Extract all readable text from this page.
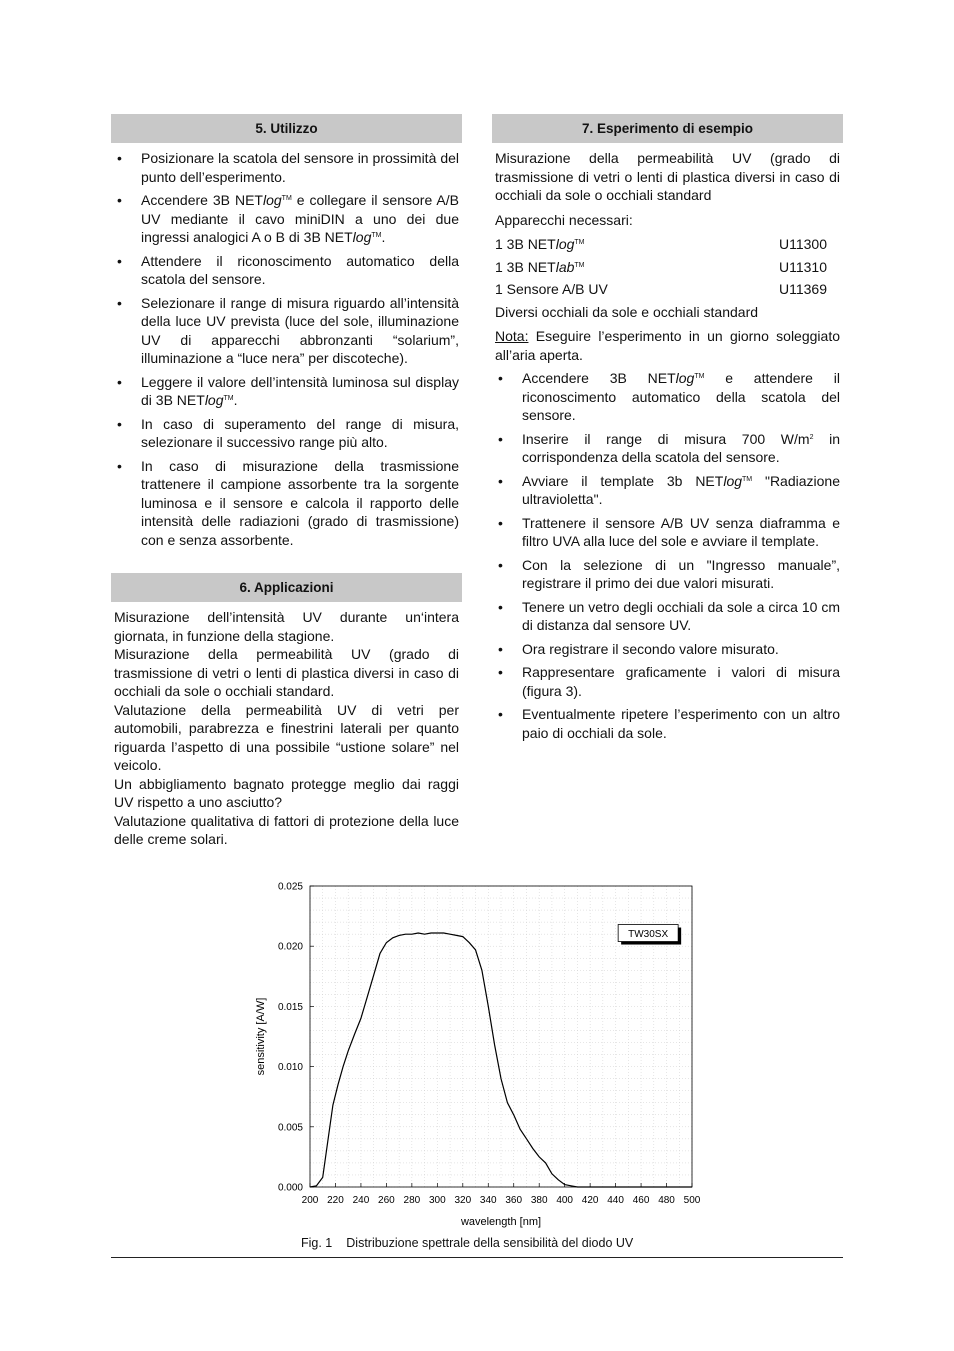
5. Utilizzo
• Posizionare la scatola del sensore in prossimità del punto dell’esperimento.
• Accendere 3B NETlog™ e collegare il sensore A/B UV mediante il cavo miniDIN a uno dei due ingressi analogici A o B di 3B NETlog™.
• Attendere il riconoscimento automatico della scatola del sensore.
• Selezionare il range di misura riguardo all’intensità della luce UV prevista (luce del sole, illuminazione UV di apparecchi abbronzanti “solarium”, illuminazione a “luce nera” per discoteche).
• Leggere il valore dell’intensità luminosa sul display di 3B NETlog™.
• In caso di superamento del range di misura, selezionare il successivo range più alto.
• In caso di misurazione della trasmissione trattenere il campione assorbente tra la sorgente luminosa e il sensore e calcola il rapporto delle intensità delle radiazioni (grado di trasmissione) con e senza assorbente.
6. Applicazioni

Misurazione dell’intensità UV durante un‘intera giornata, in funzione della stagione.

Misurazione della permeabilità UV (grado di trasmissione di vetri o lenti di plastica diversi in caso di occhiali da sole o occhiali standard.

Valutazione della permeabilità UV di vetri per automobili, parabrezza e finestrini laterali per quanto riguarda l’aspetto di una possibile “ustione solare” nel veicolo.

Un abbigliamento bagnato protegge meglio dai raggi UV rispetto a uno asciutto?

Valutazione qualitativa di fattori di protezione della luce delle creme solari.

7. Esperimento di esempio

Misurazione della permeabilità UV (grado di trasmissione di vetri o lenti di plastica diversi in caso di occhiali da sole o occhiali standard

Apparecchi necessari:

1 3B NETlog™	U11300
1 3B NETlab™	U11310
1 Sensore A/B UV	U11369

Diversi occhiali da sole e occhiali standard

Nota: Eseguire l’esperimento in un giorno soleggiato all’aria aperta.

• Accendere 3B NETlog™ e attendere il riconoscimento automatico della scatola del sensore.
• Inserire il range di misura 700 $W/m^2$ in corrispondenza della scatola del sensore.
• Avviare il template 3b NETlog™ "Radiazione ultravioletta".
• Trattenere il sensore A/B UV senza diaframma e filtro UVA alla luce del sole e avviare il template.
• Con la selezione di un "Ingresso manuale”, registrare il primo dei due valori misurati.
• Tenere un vetro degli occhiali da sole a circa 10 cm di distanza dal sensore UV.
• Ora registrare il secondo valore misurato.
• Rappresentare graficamente i valori di misura (figura 3).
• Eventualmente ripetere l’esperimento con un altro paio di occhiali da sole.
200 220 240 260 280 300 320 340 360 380 400 420 440 460 480 500
0.000
0.005
0.010
0.015
0.020
0.025
TW30SX
wavelength [nm]
sensitivity [A/W]
Fig. 1 Distribuzione spettrale della sensibilità del diodo UV
